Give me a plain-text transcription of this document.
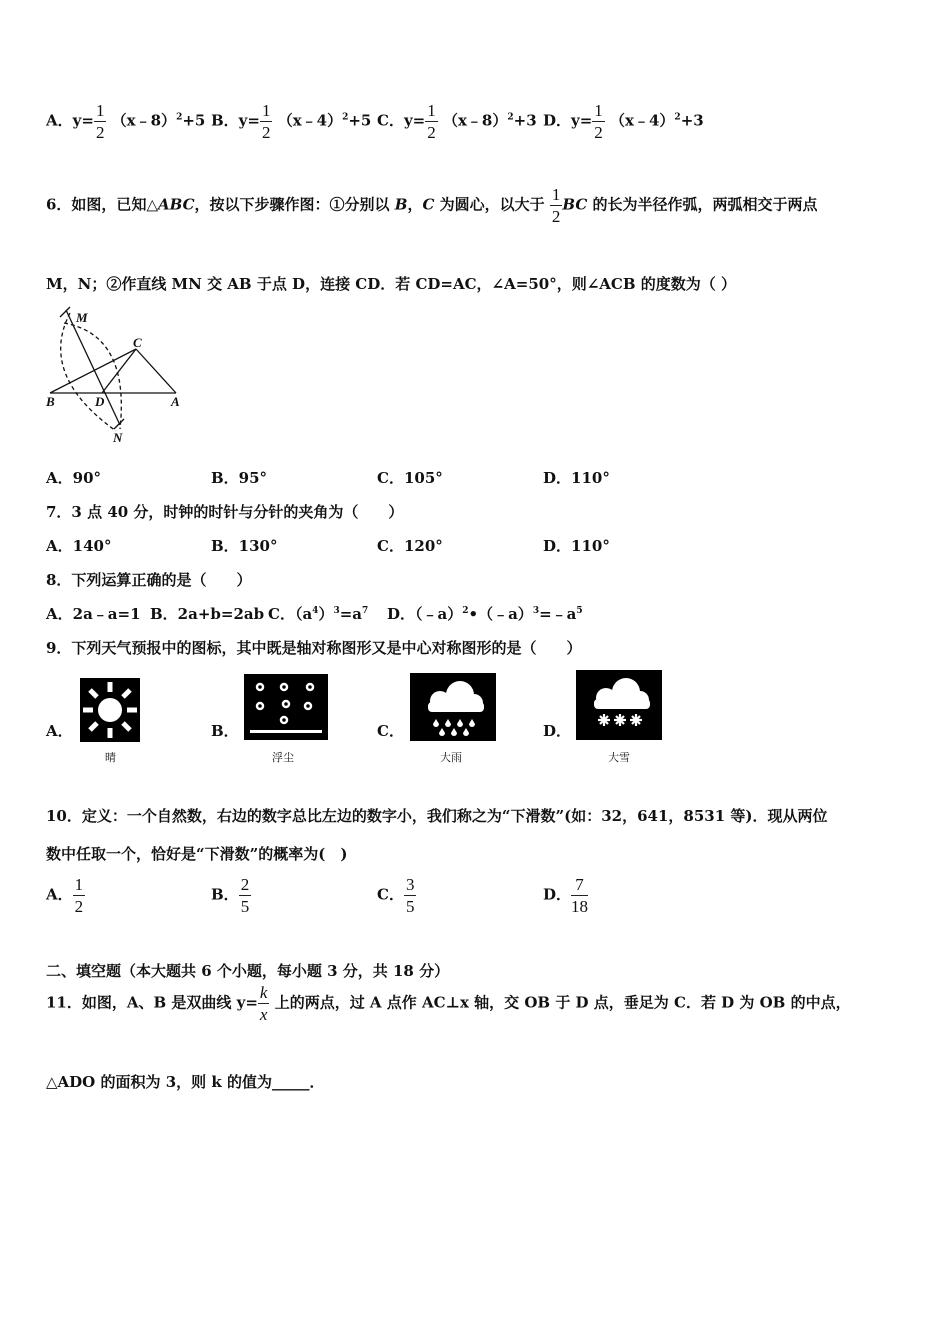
A．$y= \frac{1}{2}$ （x﹣8）$^2$+5 B．$y= \frac{1}{2}$ （x﹣4）$^2$+5 C．$y= \frac{1}{2}$ （x﹣8）$^2$+3 D．$y= \frac{1}{2}$ （x﹣4）$^2$+3
6．如图，已知△ABC，按以下步骤作图：①分别以 B，C 为圆心，以大于 $\frac{1}{2}$ BC 的长为半径作弧，两弧相交于两点
M，N；②作直线 MN 交 AB 于点 D，连接 CD．若 CD=AC，∠A=50°，则∠ACB 的度数为（ ）
M
C
B	D	A
N
A．90°	B．95°	C．105°	D．110°
7．3 点 40 分，时钟的时针与分针的夹角为（　　）
A．140°	B．130°	C．120°	D．110°
8．下列运算正确的是（　　）
A．2a﹣a=1 B．2a+b=2ab C．$(a^4)^3=a^7$ D．$(﹣a)^2•(﹣a)^3=﹣a^5$
9．下列天气预报中的图标，其中既是轴对称图形又是中心对称图形的是（　　）
A．	B．	C．	D．
晴	浮尘	大雨	大雪
10．定义：一个自然数，右边的数字总比左边的数字小，我们称之为“下滑数”(如：32，641，8531 等)．现从两位
数中任取一个，恰好是“下滑数”的概率为(　)
A． $\frac{1}{2}$	B． $\frac{2}{5}$	C． $\frac{3}{5}$	D． $\frac{7}{18}$
二、填空题（本大题共 6 个小题，每小题 3 分，共 18 分）
11．如图，A、B 是双曲线 $y= \frac{k}{x}$ 上的两点，过 A 点作 AC⊥x 轴，交 OB 于 D 点，垂足为 C．若 D 为 OB 的中点，
△ADO 的面积为 3，则 k 的值为_____．
